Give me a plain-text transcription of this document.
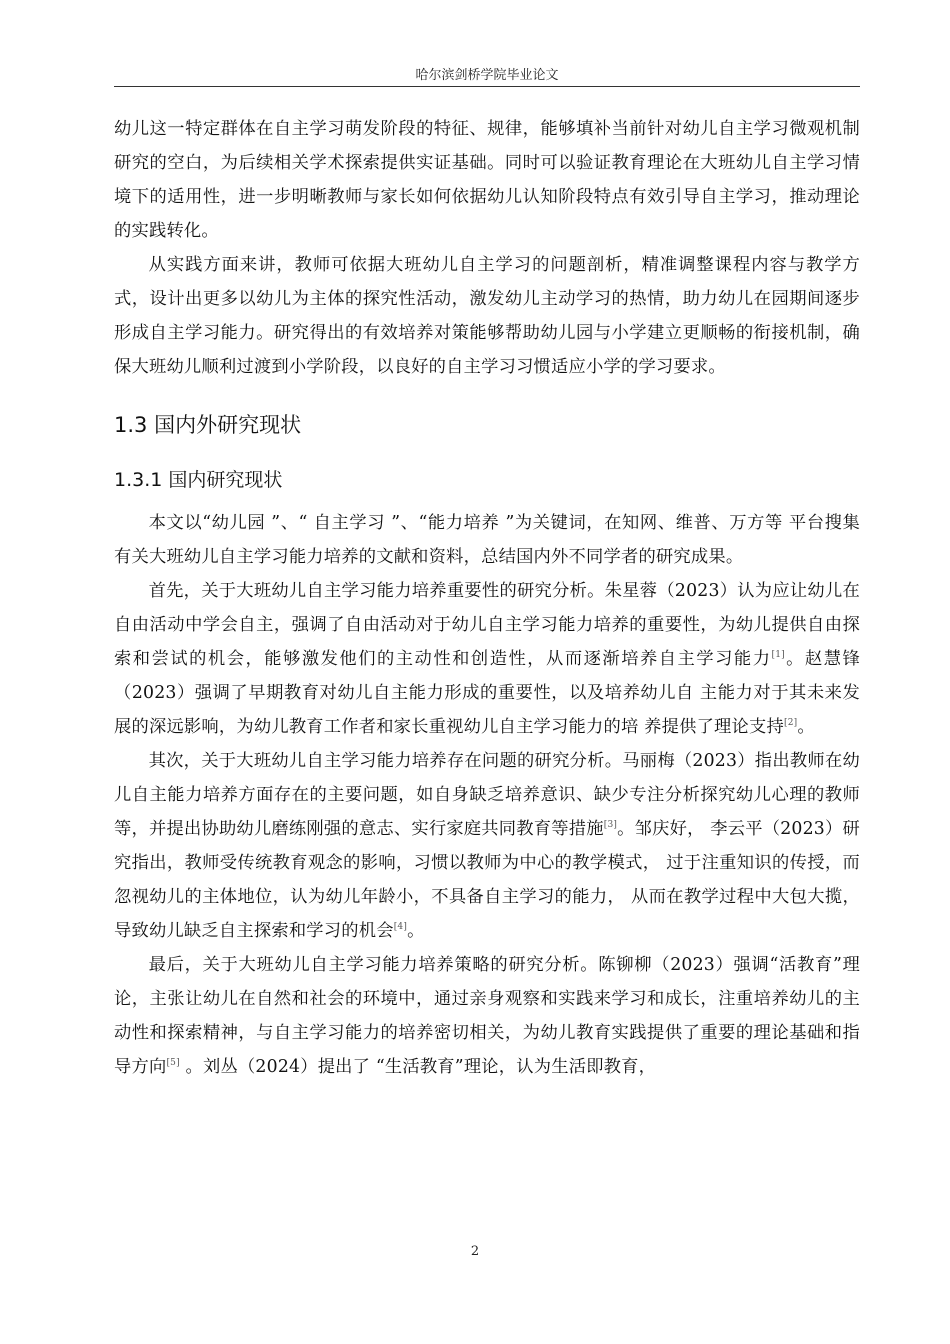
哈尔滨剑桥学院毕业论文

幼儿这一特定群体在自主学习萌发阶段的特征、规律，能够填补当前针对幼儿自主学习微观机制研究的空白，为后续相关学术探索提供实证基础。同时可以验证教育理论在大班幼儿自主学习情境下的适用性，进一步明晰教师与家长如何依据幼儿认知阶段特点有效引导自主学习，推动理论的实践转化。

从实践方面来讲，教师可依据大班幼儿自主学习的问题剖析，精准调整课程内容与教学方式，设计出更多以幼儿为主体的探究性活动，激发幼儿主动学习的热情，助力幼儿在园期间逐步形成自主学习能力。研究得出的有效培养对策能够帮助幼儿园与小学建立更顺畅的衔接机制，确保大班幼儿顺利过渡到小学阶段，以良好的自主学习习惯适应小学的学习要求。

1.3 国内外研究现状
1.3.1 国内研究现状

本文以“幼儿园 ”、“ 自主学习 ”、“能力培养 ”为关键词，在知网、维普、万方等 平台搜集有关大班幼儿自主学习能力培养的文献和资料，总结国内外不同学者的研究成果。

首先，关于大班幼儿自主学习能力培养重要性的研究分析。朱星蓉（2023）认为应让幼儿在自由活动中学会自主，强调了自由活动对于幼儿自主学习能力培养的重要性，为幼儿提供自由探索和尝试的机会，能够激发他们的主动性和创造性，从而逐渐培养自主学习能力[1]。赵慧锋（2023）强调了早期教育对幼儿自主能力形成的重要性，以及培养幼儿自 主能力对于其未来发展的深远影响，为幼儿教育工作者和家长重视幼儿自主学习能力的培 养提供了理论支持[2]。

其次，关于大班幼儿自主学习能力培养存在问题的研究分析。马丽梅（2023）指出教师在幼儿自主能力培养方面存在的主要问题，如自身缺乏培养意识、缺少专注分析探究幼儿心理的教师等，并提出协助幼儿磨练刚强的意志、实行家庭共同教育等措施[3]。邹庆好， 李云平（2023）研究指出，教师受传统教育观念的影响，习惯以教师为中心的教学模式， 过于注重知识的传授，而忽视幼儿的主体地位，认为幼儿年龄小，不具备自主学习的能力， 从而在教学过程中大包大揽，导致幼儿缺乏自主探索和学习的机会[4]。

最后，关于大班幼儿自主学习能力培养策略的研究分析。陈铆柳（2023）强调“活教育”理论，主张让幼儿在自然和社会的环境中，通过亲身观察和实践来学习和成长，注重培养幼儿的主动性和探索精神，与自主学习能力的培养密切相关，为幼儿教育实践提供了重要的理论基础和指导方向[5] 。刘丛（2024）提出了 “生活教育”理论，认为生活即教育，

2
